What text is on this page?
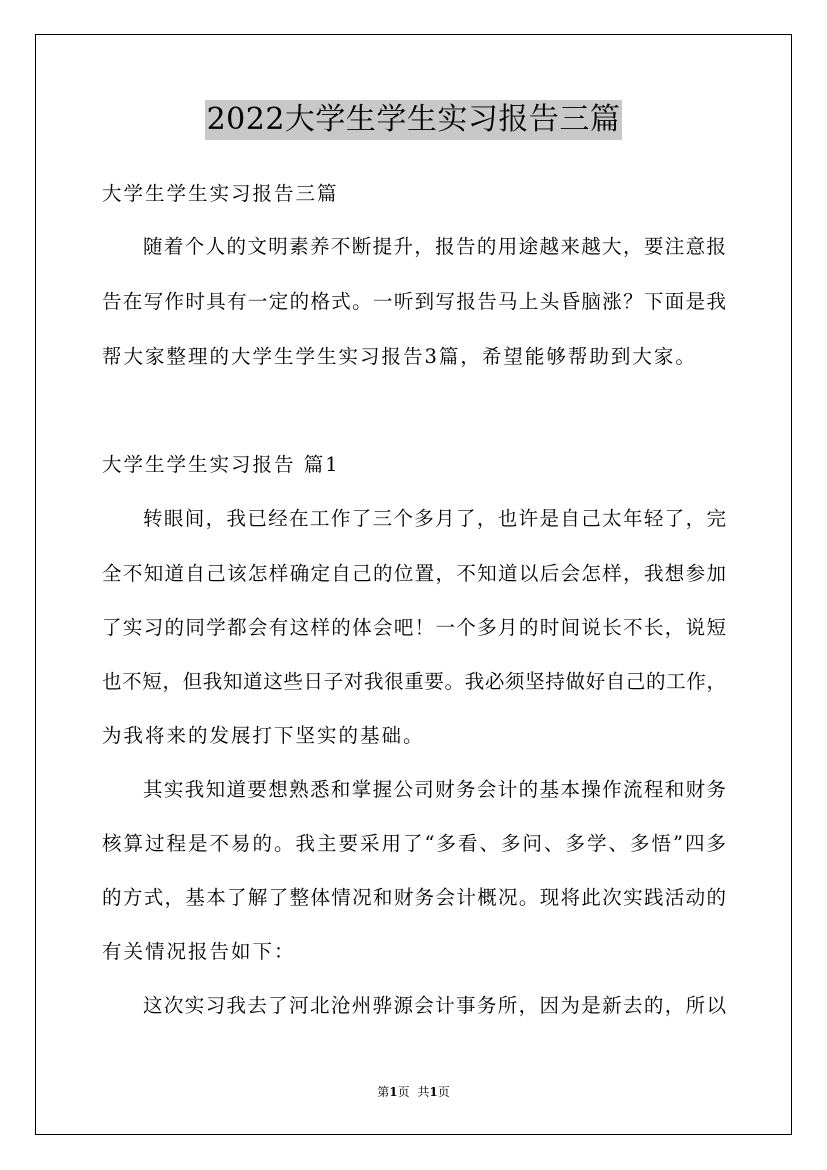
2022大学生学生实习报告三篇
大学生学生实习报告三篇
随着个人的文明素养不断提升，报告的用途越来越大，要注意报
告在写作时具有一定的格式。一听到写报告马上头昏脑涨？下面是我
帮大家整理的大学生学生实习报告3篇，希望能够帮助到大家。
大学生学生实习报告 篇1
转眼间，我已经在工作了三个多月了，也许是自己太年轻了，完
全不知道自己该怎样确定自己的位置，不知道以后会怎样，我想参加
了实习的同学都会有这样的体会吧！一个多月的时间说长不长，说短
也不短，但我知道这些日子对我很重要。我必须坚持做好自己的工作，
为我将来的发展打下坚实的基础。
其实我知道要想熟悉和掌握公司财务会计的基本操作流程和财务
核算过程是不易的。我主要采用了“多看、多问、多学、多悟”四多
的方式，基本了解了整体情况和财务会计概况。现将此次实践活动的
有关情况报告如下：
这次实习我去了河北沧州骅源会计事务所，因为是新去的，所以
第1页 共1页
